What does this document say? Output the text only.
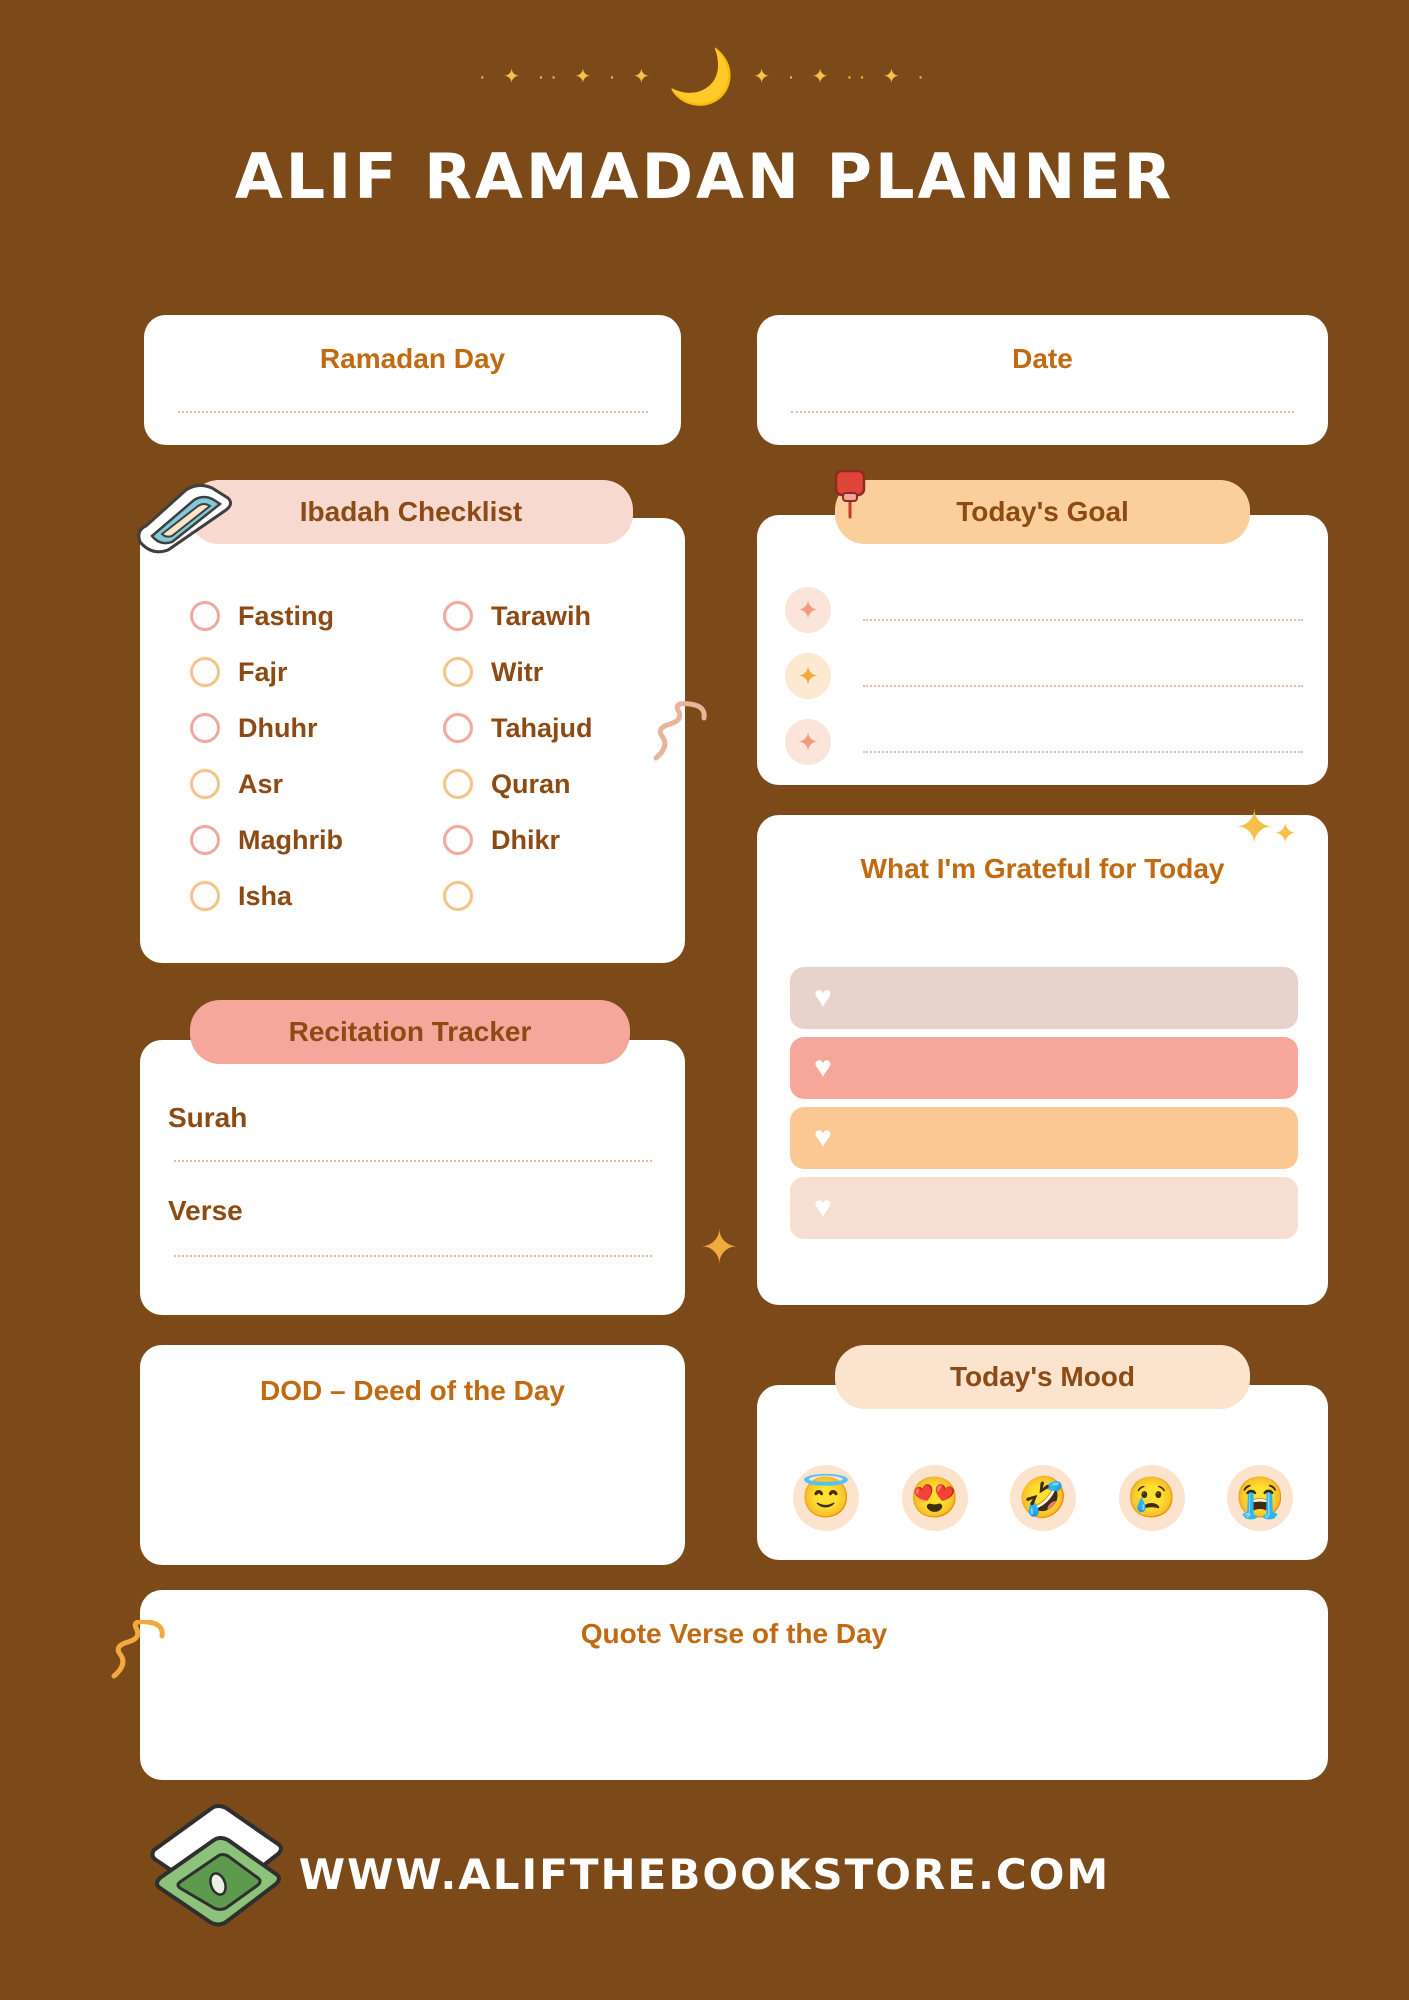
· ✦ ·· ✦ · ✦ 🌙 ✦ · ✦ ·· ✦ ·
ALIF RAMADAN PLANNER
Ramadan Day	Date
Ibadah Checklist
Fasting
Fajr
Dhuhr
Asr
Maghrib
Isha
Tarawih
Witr
Tahajud
Quran
Dhikr
✦
✦
✦
Today's Goal
What I'm Grateful for Today
♥
♥
♥
♥
✦✦
Surah
Verse
Recitation Tracker
✦
DOD – Deed of the Day
😇 😍 🤣 😢 😭
Today's Mood
Quote Verse of the Day
WWW.ALIFTHEBOOKSTORE.COM
